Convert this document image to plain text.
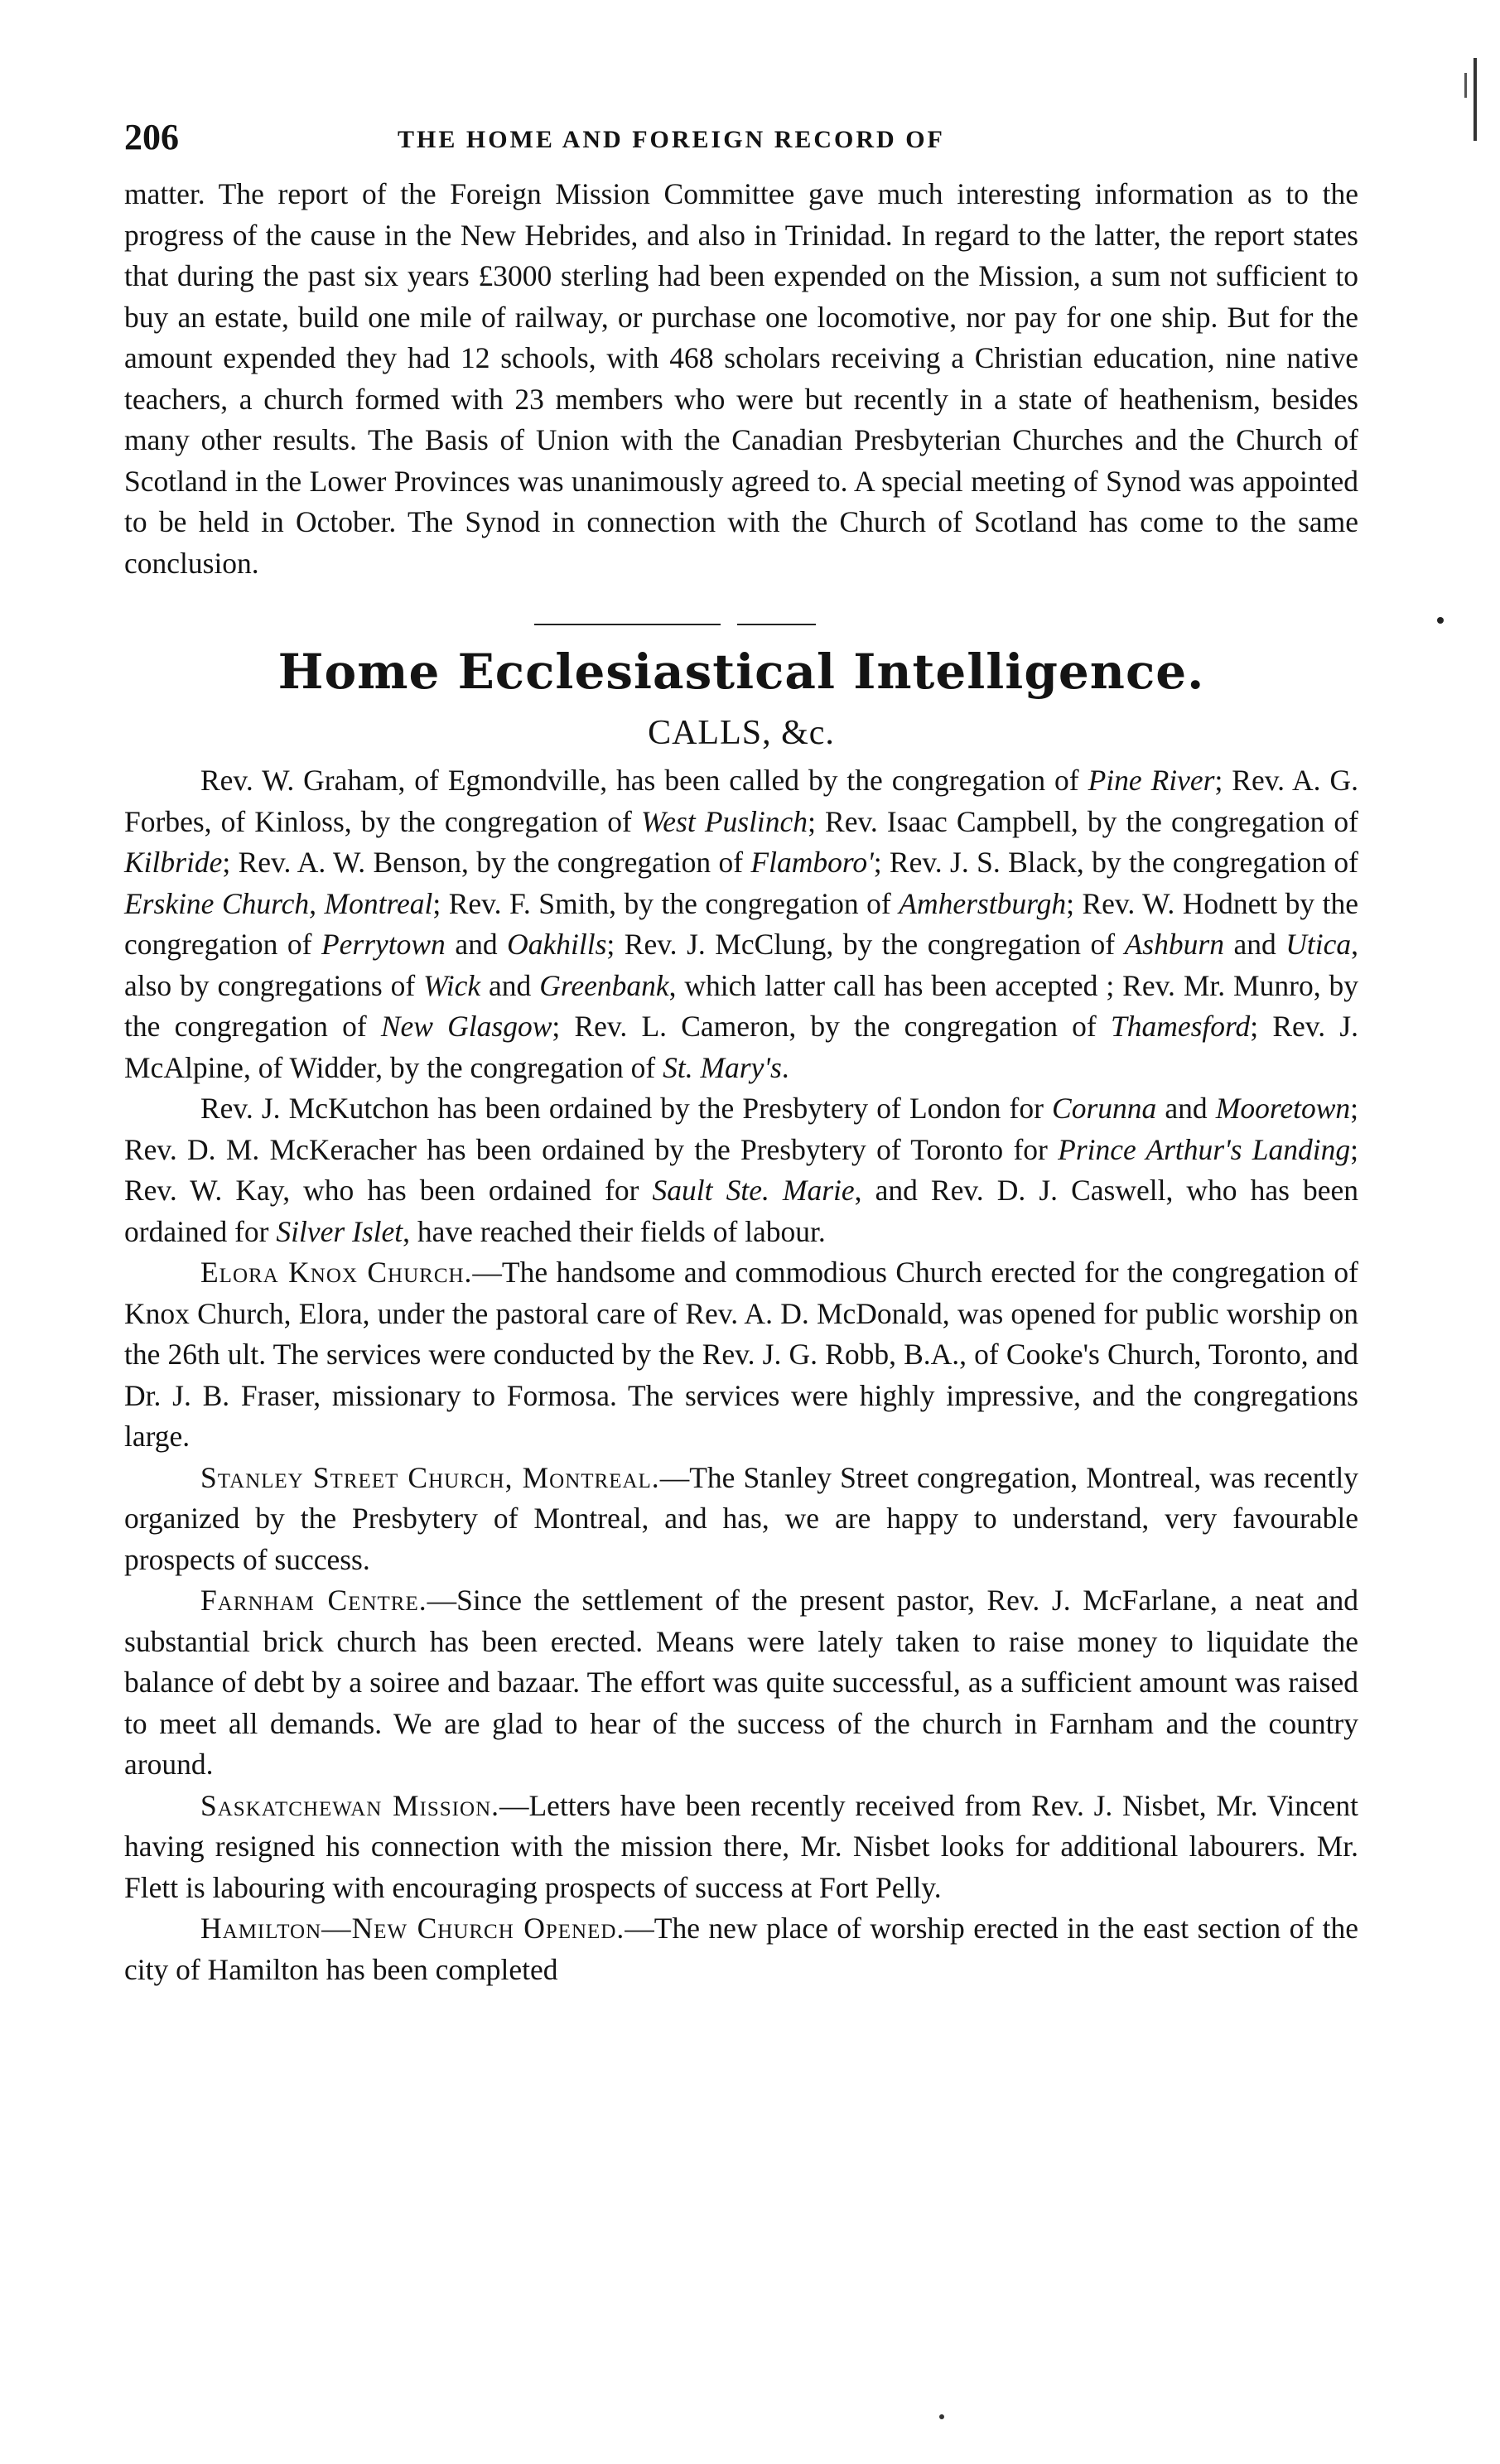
206	THE HOME AND FOREIGN RECORD OF

matter. The report of the Foreign Mission Committee gave much interesting information as to the progress of the cause in the New Hebrides, and also in Trinidad. In regard to the latter, the report states that during the past six years £3000 sterling had been expended on the Mission, a sum not sufficient to buy an estate, build one mile of railway, or purchase one locomotive, nor pay for one ship. But for the amount expended they had 12 schools, with 468 scholars receiving a Christian education, nine native teachers, a church formed with 23 members who were but recently in a state of heathenism, besides many other results. The Basis of Union with the Canadian Presbyterian Churches and the Church of Scotland in the Lower Provinces was unanimously agreed to. A special meeting of Synod was appointed to be held in October. The Synod in connection with the Church of Scotland has come to the same conclusion.

Home Ecclesiastical Intelligence.
CALLS, &c.

Rev. W. Graham, of Egmondville, has been called by the congregation of Pine River; Rev. A. G. Forbes, of Kinloss, by the congregation of West Puslinch; Rev. Isaac Campbell, by the congregation of Kilbride; Rev. A. W. Benson, by the congregation of Flamboro'; Rev. J. S. Black, by the congregation of Erskine Church, Montreal; Rev. F. Smith, by the congregation of Amherstburgh; Rev. W. Hodnett by the congregation of Perrytown and Oakhills; Rev. J. McClung, by the congregation of Ashburn and Utica, also by congregations of Wick and Greenbank, which latter call has been accepted ; Rev. Mr. Munro, by the congregation of New Glasgow; Rev. L. Cameron, by the congregation of Thamesford; Rev. J. McAlpine, of Widder, by the congregation of St. Mary's.

Rev. J. McKutchon has been ordained by the Presbytery of London for Corunna and Mooretown; Rev. D. M. McKeracher has been ordained by the Presbytery of Toronto for Prince Arthur's Landing; Rev. W. Kay, who has been ordained for Sault Ste. Marie, and Rev. D. J. Caswell, who has been ordained for Silver Islet, have reached their fields of labour.

Elora Knox Church.—The handsome and commodious Church erected for the congregation of Knox Church, Elora, under the pastoral care of Rev. A. D. McDonald, was opened for public worship on the 26th ult. The services were conducted by the Rev. J. G. Robb, B.A., of Cooke's Church, Toronto, and Dr. J. B. Fraser, missionary to Formosa. The services were highly impressive, and the congregations large.

Stanley Street Church, Montreal.—The Stanley Street congregation, Montreal, was recently organized by the Presbytery of Montreal, and has, we are happy to understand, very favourable prospects of success.

Farnham Centre.—Since the settlement of the present pastor, Rev. J. McFarlane, a neat and substantial brick church has been erected. Means were lately taken to raise money to liquidate the balance of debt by a soiree and bazaar. The effort was quite successful, as a sufficient amount was raised to meet all demands. We are glad to hear of the success of the church in Farnham and the country around.

Saskatchewan Mission.—Letters have been recently received from Rev. J. Nisbet, Mr. Vincent having resigned his connection with the mission there, Mr. Nisbet looks for additional labourers. Mr. Flett is labouring with encouraging prospects of success at Fort Pelly.

Hamilton—New Church Opened.—The new place of worship erected in the east section of the city of Hamilton has been completed
